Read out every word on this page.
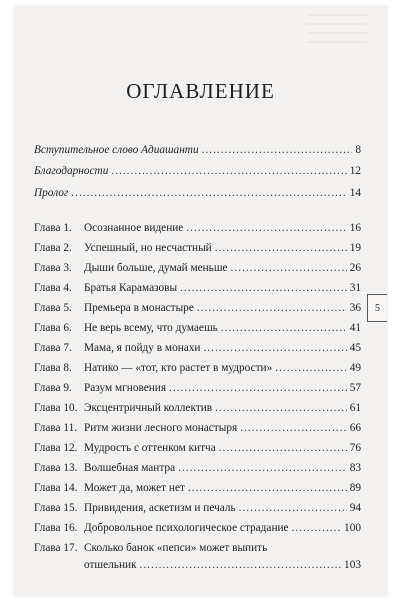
ОГЛАВЛЕНИЕ
Вступительное слово Адиашанти .....	8
Благодарности .....	12
Пролог .....	14
Глава 1.	Осознанное видение .....	16
Глава 2.	Успешный, но несчастный .....	19
Глава 3.	Дыши больше, думай меньше .....	26
Глава 4.	Братья Карамазовы .....	31
Глава 5.	Премьера в монастыре .....	36
Глава 6.	Не верь всему, что думаешь .....	41
Глава 7.	Мама, я пойду в монахи .....	45
Глава 8.	Натико — «тот, кто растет в мудрости» .....	49
Глава 9.	Разум мгновения .....	57
Глава 10. Эксцентричный коллектив .....	61
Глава 11. Ритм жизни лесного монастыря .....	66
Глава 12. Мудрость с оттенком китча .....	76
Глава 13. Волшебная мантра .....	83
Глава 14. Может да, может нет .....	89
Глава 15. Привидения, аскетизм и печаль .....	94
Глава 16. Добровольное психологическое страдание .....	100
Глава 17. Сколько банок «пепси» может выпить
отшельник .....	103
5
